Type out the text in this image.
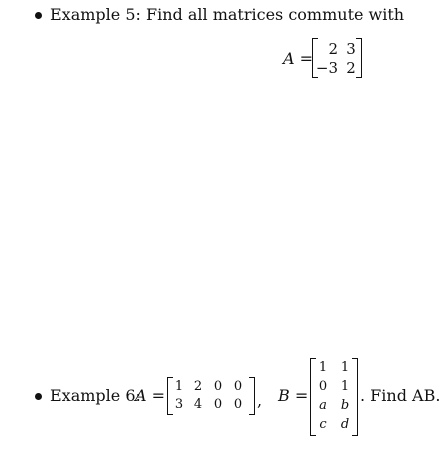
Example 5: Find all matrices commute with
A =	2 3
−3 2
Example 6:
A = 1 2 0 0
3 4 0 0 , B =
1	1
0	1
a	b
c	d
. Find AB.
